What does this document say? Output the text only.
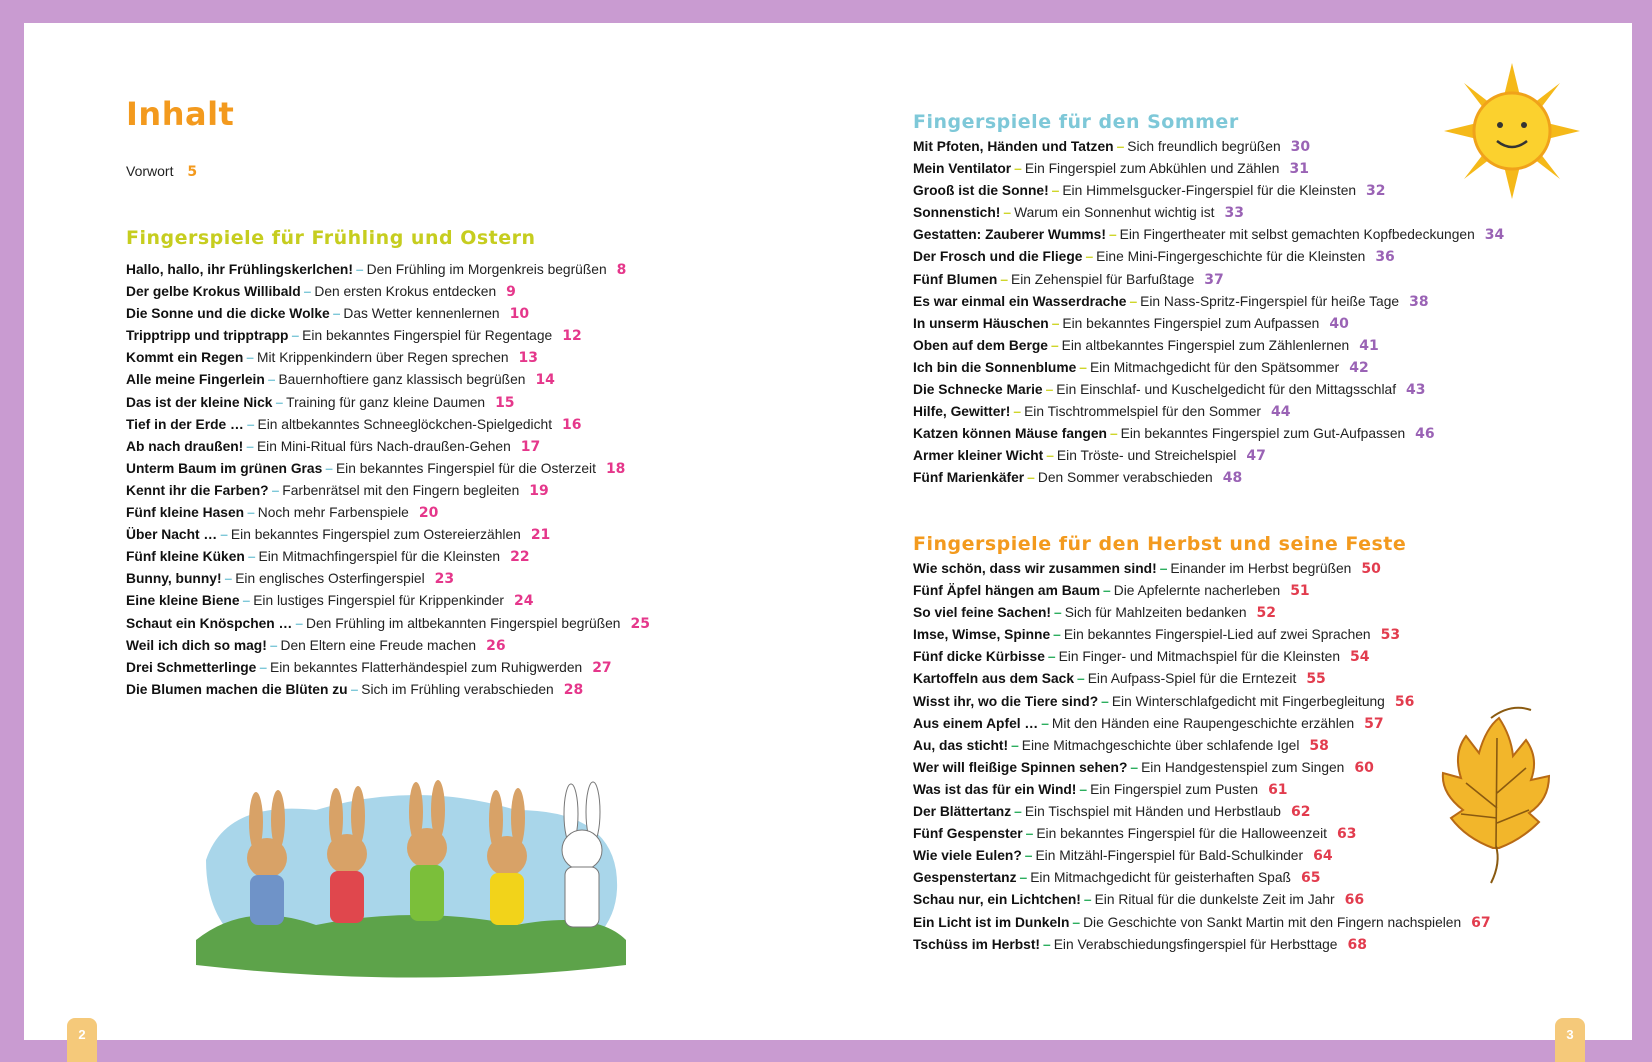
Inhalt
Vorwort 5
Fingerspiele für Frühling und Ostern
Hallo, hallo, ihr Frühlingskerlchen! – Den Frühling im Morgenkreis begrüßen 8
Der gelbe Krokus Willibald – Den ersten Krokus entdecken 9
Die Sonne und die dicke Wolke – Das Wetter kennenlernen 10
Tripptripp und tripptrapp – Ein bekanntes Fingerspiel für Regentage 12
Kommt ein Regen – Mit Krippenkindern über Regen sprechen 13
Alle meine Fingerlein – Bauernhoftiere ganz klassisch begrüßen 14
Das ist der kleine Nick – Training für ganz kleine Daumen 15
Tief in der Erde … – Ein altbekanntes Schneeglöckchen-Spielgedicht 16
Ab nach draußen! – Ein Mini-Ritual fürs Nach-draußen-Gehen 17
Unterm Baum im grünen Gras – Ein bekanntes Fingerspiel für die Osterzeit 18
Kennt ihr die Farben? – Farbenrätsel mit den Fingern begleiten 19
Fünf kleine Hasen – Noch mehr Farbenspiele 20
Über Nacht … – Ein bekanntes Fingerspiel zum Ostereierzählen 21
Fünf kleine Küken – Ein Mitmachfingerspiel für die Kleinsten 22
Bunny, bunny! – Ein englisches Osterfingerspiel 23
Eine kleine Biene – Ein lustiges Fingerspiel für Krippenkinder 24
Schaut ein Knöspchen … – Den Frühling im altbekannten Fingerspiel begrüßen 25
Weil ich dich so mag! – Den Eltern eine Freude machen 26
Drei Schmetterlinge – Ein bekanntes Flatterhändespiel zum Ruhigwerden 27
Die Blumen machen die Blüten zu – Sich im Frühling verabschieden 28
Fingerspiele für den Sommer
Mit Pfoten, Händen und Tatzen – Sich freundlich begrüßen 30
Mein Ventilator – Ein Fingerspiel zum Abkühlen und Zählen 31
Grooß ist die Sonne! – Ein Himmelsgucker-Fingerspiel für die Kleinsten 32
Sonnenstich! – Warum ein Sonnenhut wichtig ist 33
Gestatten: Zauberer Wumms! – Ein Fingertheater mit selbst gemachten Kopfbedeckungen 34
Der Frosch und die Fliege – Eine Mini-Fingergeschichte für die Kleinsten 36
Fünf Blumen – Ein Zehenspiel für Barfußtage 37
Es war einmal ein Wasserdrache – Ein Nass-Spritz-Fingerspiel für heiße Tage 38
In unserm Häuschen – Ein bekanntes Fingerspiel zum Aufpassen 40
Oben auf dem Berge – Ein altbekanntes Fingerspiel zum Zählenlernen 41
Ich bin die Sonnenblume – Ein Mitmachgedicht für den Spätsommer 42
Die Schnecke Marie – Ein Einschlaf- und Kuschelgedicht für den Mittagsschlaf 43
Hilfe, Gewitter! – Ein Tischtrommelspiel für den Sommer 44
Katzen können Mäuse fangen – Ein bekanntes Fingerspiel zum Gut-Aufpassen 46
Armer kleiner Wicht – Ein Tröste- und Streichelspiel 47
Fünf Marienkäfer – Den Sommer verabschieden 48
Fingerspiele für den Herbst und seine Feste
Wie schön, dass wir zusammen sind! – Einander im Herbst begrüßen 50
Fünf Äpfel hängen am Baum – Die Apfelernte nacherleben 51
So viel feine Sachen! – Sich für Mahlzeiten bedanken 52
Imse, Wimse, Spinne – Ein bekanntes Fingerspiel-Lied auf zwei Sprachen 53
Fünf dicke Kürbisse – Ein Finger- und Mitmachspiel für die Kleinsten 54
Kartoffeln aus dem Sack – Ein Aufpass-Spiel für die Erntezeit 55
Wisst ihr, wo die Tiere sind? – Ein Winterschlafgedicht mit Fingerbegleitung 56
Aus einem Apfel … – Mit den Händen eine Raupengeschichte erzählen 57
Au, das sticht! – Eine Mitmachgeschichte über schlafende Igel 58
Wer will fleißige Spinnen sehen? – Ein Handgestenspiel zum Singen 60
Was ist das für ein Wind! – Ein Fingerspiel zum Pusten 61
Der Blättertanz – Ein Tischspiel mit Händen und Herbstlaub 62
Fünf Gespenster – Ein bekanntes Fingerspiel für die Halloweenzeit 63
Wie viele Eulen? – Ein Mitzähl-Fingerspiel für Bald-Schulkinder 64
Gespenstertanz – Ein Mitmachgedicht für geisterhaften Spaß 65
Schau nur, ein Lichtchen! – Ein Ritual für die dunkelste Zeit im Jahr 66
Ein Licht ist im Dunkeln – Die Geschichte von Sankt Martin mit den Fingern nachspielen 67
Tschüss im Herbst! – Ein Verabschiedungsfingerspiel für Herbsttage 68
2	3
